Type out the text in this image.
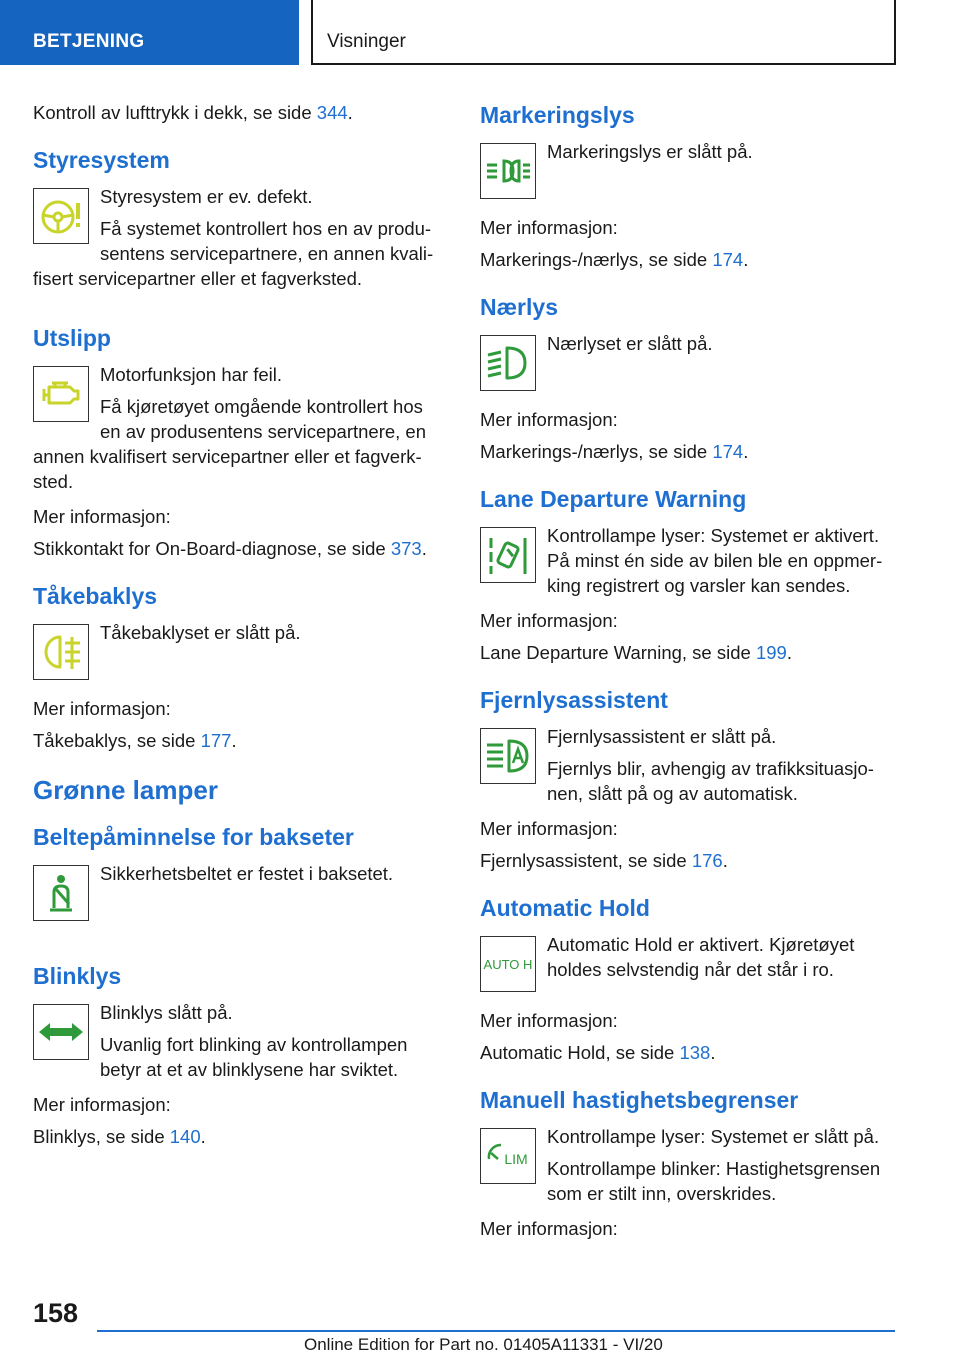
BETJENING	Visninger

Kontroll av lufttrykk i dekk, se side 344.

Styresystem

Styresystem er ev. defekt.

Få systemet kontrollert hos en av produ-sentens servicepartnere, en annen kvali-fisert servicepartner eller et fagverksted.

Utslipp

Motorfunksjon har feil.

Få kjøretøyet omgående kontrollert hos en av produsentens servicepartnere, en annen kvalifisert servicepartner eller et fagverk-sted.

Mer informasjon:

Stikkontakt for On-Board-diagnose, se side 373.

Tåkebaklys

Tåkebaklyset er slått på.

Mer informasjon:

Tåkebaklys, se side 177.

Grønne lamper
Beltepåminnelse for bakseter

Sikkerhetsbeltet er festet i baksetet.

Blinklys

Blinklys slått på.

Uvanlig fort blinking av kontrollampen betyr at et av blinklysene har sviktet.

Mer informasjon:

Blinklys, se side 140.

Markeringslys

Markeringslys er slått på.

Mer informasjon:

Markerings-/nærlys, se side 174.

Nærlys

Nærlyset er slått på.

Mer informasjon:

Markerings-/nærlys, se side 174.

Lane Departure Warning

Kontrollampe lyser: Systemet er aktivert. På minst én side av bilen ble en oppmer-king registrert og varsler kan sendes.

Mer informasjon:

Lane Departure Warning, se side 199.

Fjernlysassistent

Fjernlysassistent er slått på.

Fjernlys blir, avhengig av trafikksituasjo-nen, slått på og av automatisk.

Mer informasjon:

Fjernlysassistent, se side 176.

Automatic Hold
AUTO H

Automatic Hold er aktivert. Kjøretøyet holdes selvstendig når det står i ro.

Mer informasjon:

Automatic Hold, se side 138.

Manuell hastighetsbegrenser
LIM

Kontrollampe lyser: Systemet er slått på.

Kontrollampe blinker: Hastighetsgrensen som er stilt inn, overskrides.

Mer informasjon:

158
Online Edition for Part no. 01405A11331 - VI/20
